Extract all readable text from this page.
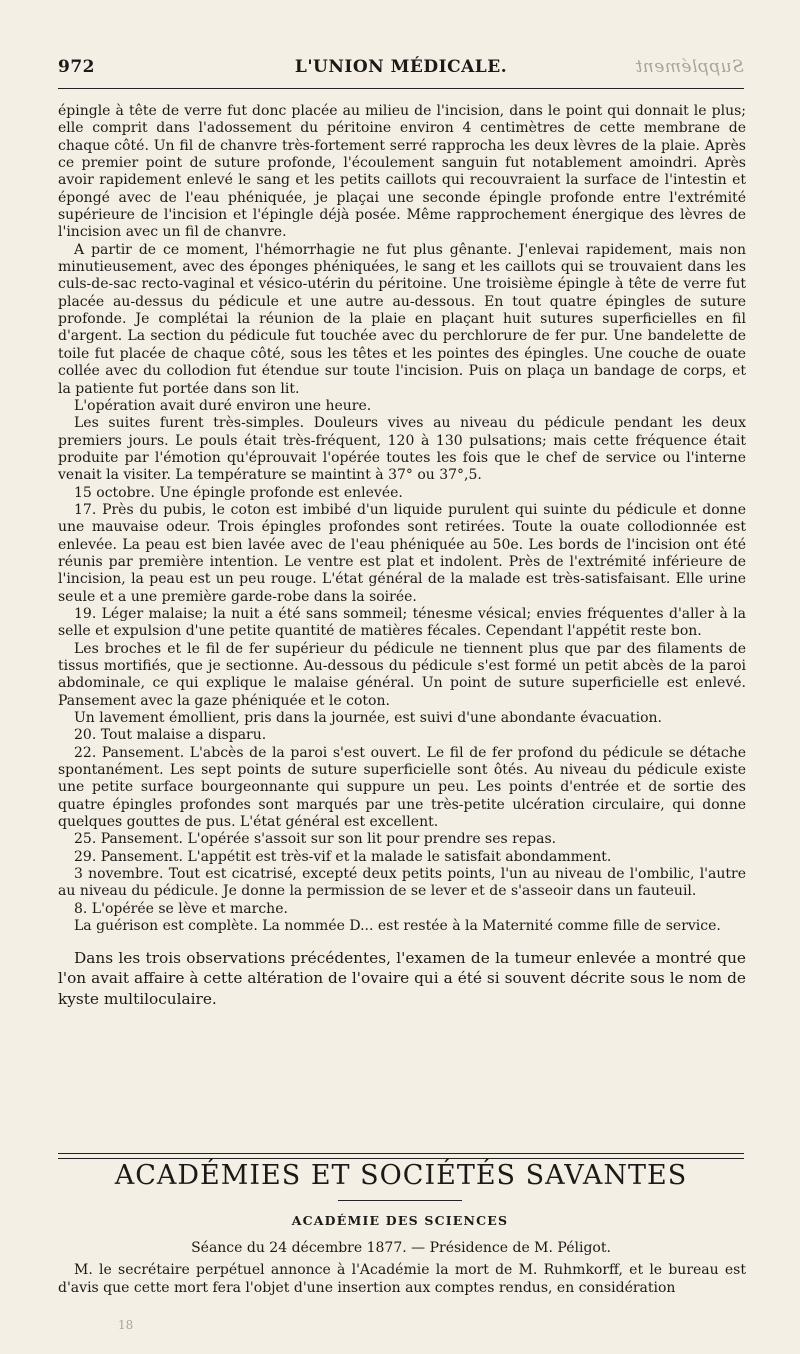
972	L'UNION MÉDICALE.	Supplément

épingle à tête de verre fut donc placée au milieu de l'incision, dans le point qui donnait le plus; elle comprit dans l'adossement du péritoine environ 4 centimètres de cette membrane de chaque côté. Un fil de chanvre très-fortement serré rapprocha les deux lèvres de la plaie. Après ce premier point de suture profonde, l'écoulement sanguin fut notablement amoindri. Après avoir rapidement enlevé le sang et les petits caillots qui recouvraient la surface de l'intestin et épongé avec de l'eau phéniquée, je plaçai une seconde épingle profonde entre l'extrémité supérieure de l'incision et l'épingle déjà posée. Même rapprochement énergique des lèvres de l'incision avec un fil de chanvre.

A partir de ce moment, l'hémorrhagie ne fut plus gênante. J'enlevai rapidement, mais non minutieusement, avec des éponges phéniquées, le sang et les caillots qui se trouvaient dans les culs-de-sac recto-vaginal et vésico-utérin du péritoine. Une troisième épingle à tête de verre fut placée au-dessus du pédicule et une autre au-dessous. En tout quatre épingles de suture profonde. Je complétai la réunion de la plaie en plaçant huit sutures superficielles en fil d'argent. La section du pédicule fut touchée avec du perchlorure de fer pur. Une bandelette de toile fut placée de chaque côté, sous les têtes et les pointes des épingles. Une couche de ouate collée avec du collodion fut étendue sur toute l'incision. Puis on plaça un bandage de corps, et la patiente fut portée dans son lit.

L'opération avait duré environ une heure.

Les suites furent très-simples. Douleurs vives au niveau du pédicule pendant les deux premiers jours. Le pouls était très-fréquent, 120 à 130 pulsations; mais cette fréquence était produite par l'émotion qu'éprouvait l'opérée toutes les fois que le chef de service ou l'interne venait la visiter. La température se maintint à 37° ou 37°,5.

15 octobre. Une épingle profonde est enlevée.

17. Près du pubis, le coton est imbibé d'un liquide purulent qui suinte du pédicule et donne une mauvaise odeur. Trois épingles profondes sont retirées. Toute la ouate collodionnée est enlevée. La peau est bien lavée avec de l'eau phéniquée au 50e. Les bords de l'incision ont été réunis par première intention. Le ventre est plat et indolent. Près de l'extrémité inférieure de l'incision, la peau est un peu rouge. L'état général de la malade est très-satisfaisant. Elle urine seule et a une première garde-robe dans la soirée.

19. Léger malaise; la nuit a été sans sommeil; ténesme vésical; envies fréquentes d'aller à la selle et expulsion d'une petite quantité de matières fécales. Cependant l'appétit reste bon.

Les broches et le fil de fer supérieur du pédicule ne tiennent plus que par des filaments de tissus mortifiés, que je sectionne. Au-dessous du pédicule s'est formé un petit abcès de la paroi abdominale, ce qui explique le malaise général. Un point de suture superficielle est enlevé. Pansement avec la gaze phéniquée et le coton.

Un lavement émollient, pris dans la journée, est suivi d'une abondante évacuation.

20. Tout malaise a disparu.

22. Pansement. L'abcès de la paroi s'est ouvert. Le fil de fer profond du pédicule se détache spontanément. Les sept points de suture superficielle sont ôtés. Au niveau du pédicule existe une petite surface bourgeonnante qui suppure un peu. Les points d'entrée et de sortie des quatre épingles profondes sont marqués par une très-petite ulcération circulaire, qui donne quelques gouttes de pus. L'état général est excellent.

25. Pansement. L'opérée s'assoit sur son lit pour prendre ses repas.

29. Pansement. L'appétit est très-vif et la malade le satisfait abondamment.

3 novembre. Tout est cicatrisé, excepté deux petits points, l'un au niveau de l'ombilic, l'autre au niveau du pédicule. Je donne la permission de se lever et de s'asseoir dans un fauteuil.

8. L'opérée se lève et marche.

La guérison est complète. La nommée D... est restée à la Maternité comme fille de service.

Dans les trois observations précédentes, l'examen de la tumeur enlevée a montré que l'on avait affaire à cette altération de l'ovaire qui a été si souvent décrite sous le nom de kyste multiloculaire.

ACADÉMIES ET SOCIÉTÉS SAVANTES
ACADÉMIE DES SCIENCES
Séance du 24 décembre 1877. — Présidence de M. Péligot.

M. le secrétaire perpétuel annonce à l'Académie la mort de M. Ruhmkorff, et le bureau est d'avis que cette mort fera l'objet d'une insertion aux comptes rendus, en considération

18
